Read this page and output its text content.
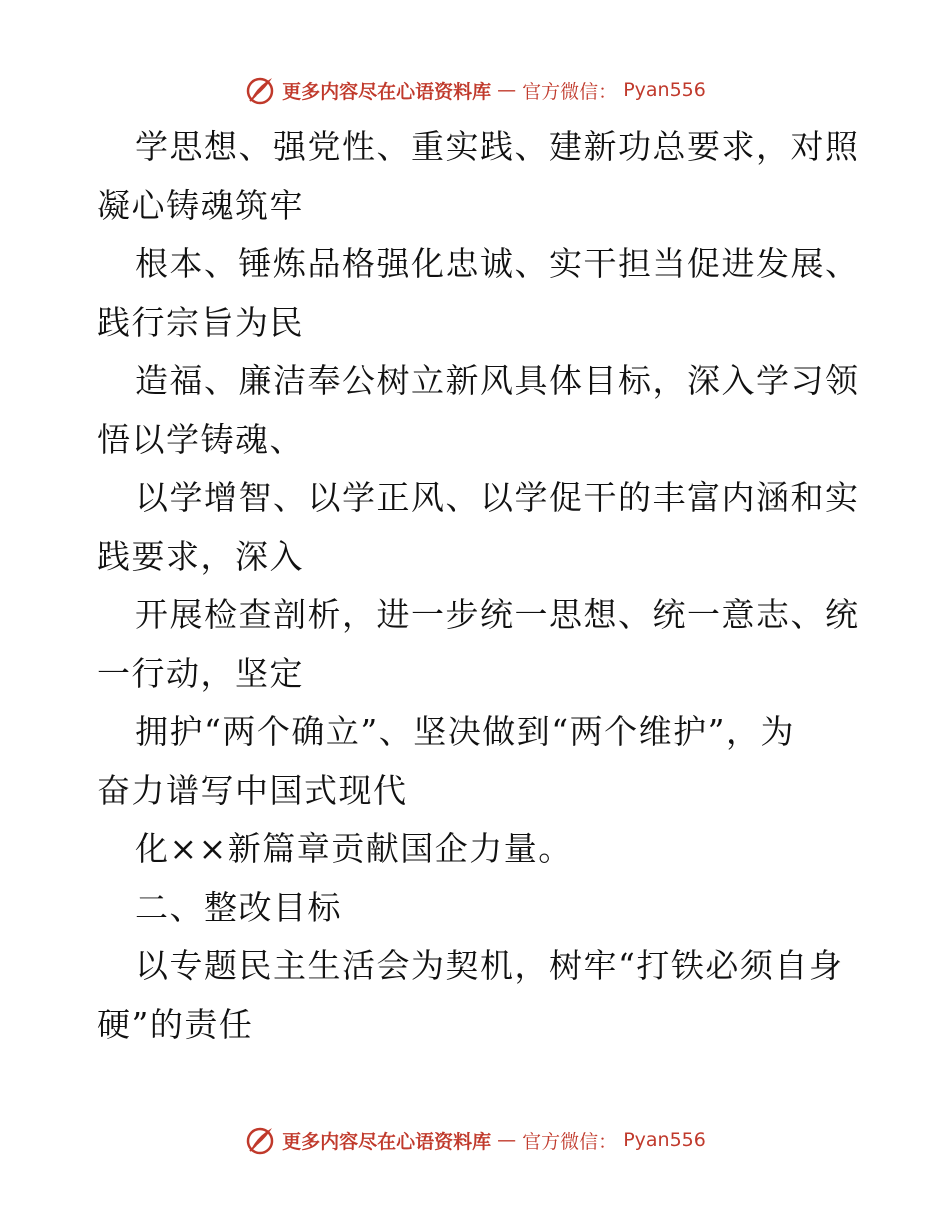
更多内容尽在心语资料库 — 官方微信： Pyan556
学思想、强党性、重实践、建新功总要求，对照
凝心铸魂筑牢
根本、锤炼品格强化忠诚、实干担当促进发展、
践行宗旨为民
造福、廉洁奉公树立新风具体目标，深入学习领
悟以学铸魂、
以学增智、以学正风、以学促干的丰富内涵和实
践要求，深入
开展检查剖析，进一步统一思想、统一意志、统
一行动，坚定
拥护“两个确立”、坚决做到“两个维护”，为
奋力谱写中国式现代
化××新篇章贡献国企力量。
二、整改目标
以专题民主生活会为契机，树牢“打铁必须自身
硬”的责任
更多内容尽在心语资料库 — 官方微信： Pyan556
